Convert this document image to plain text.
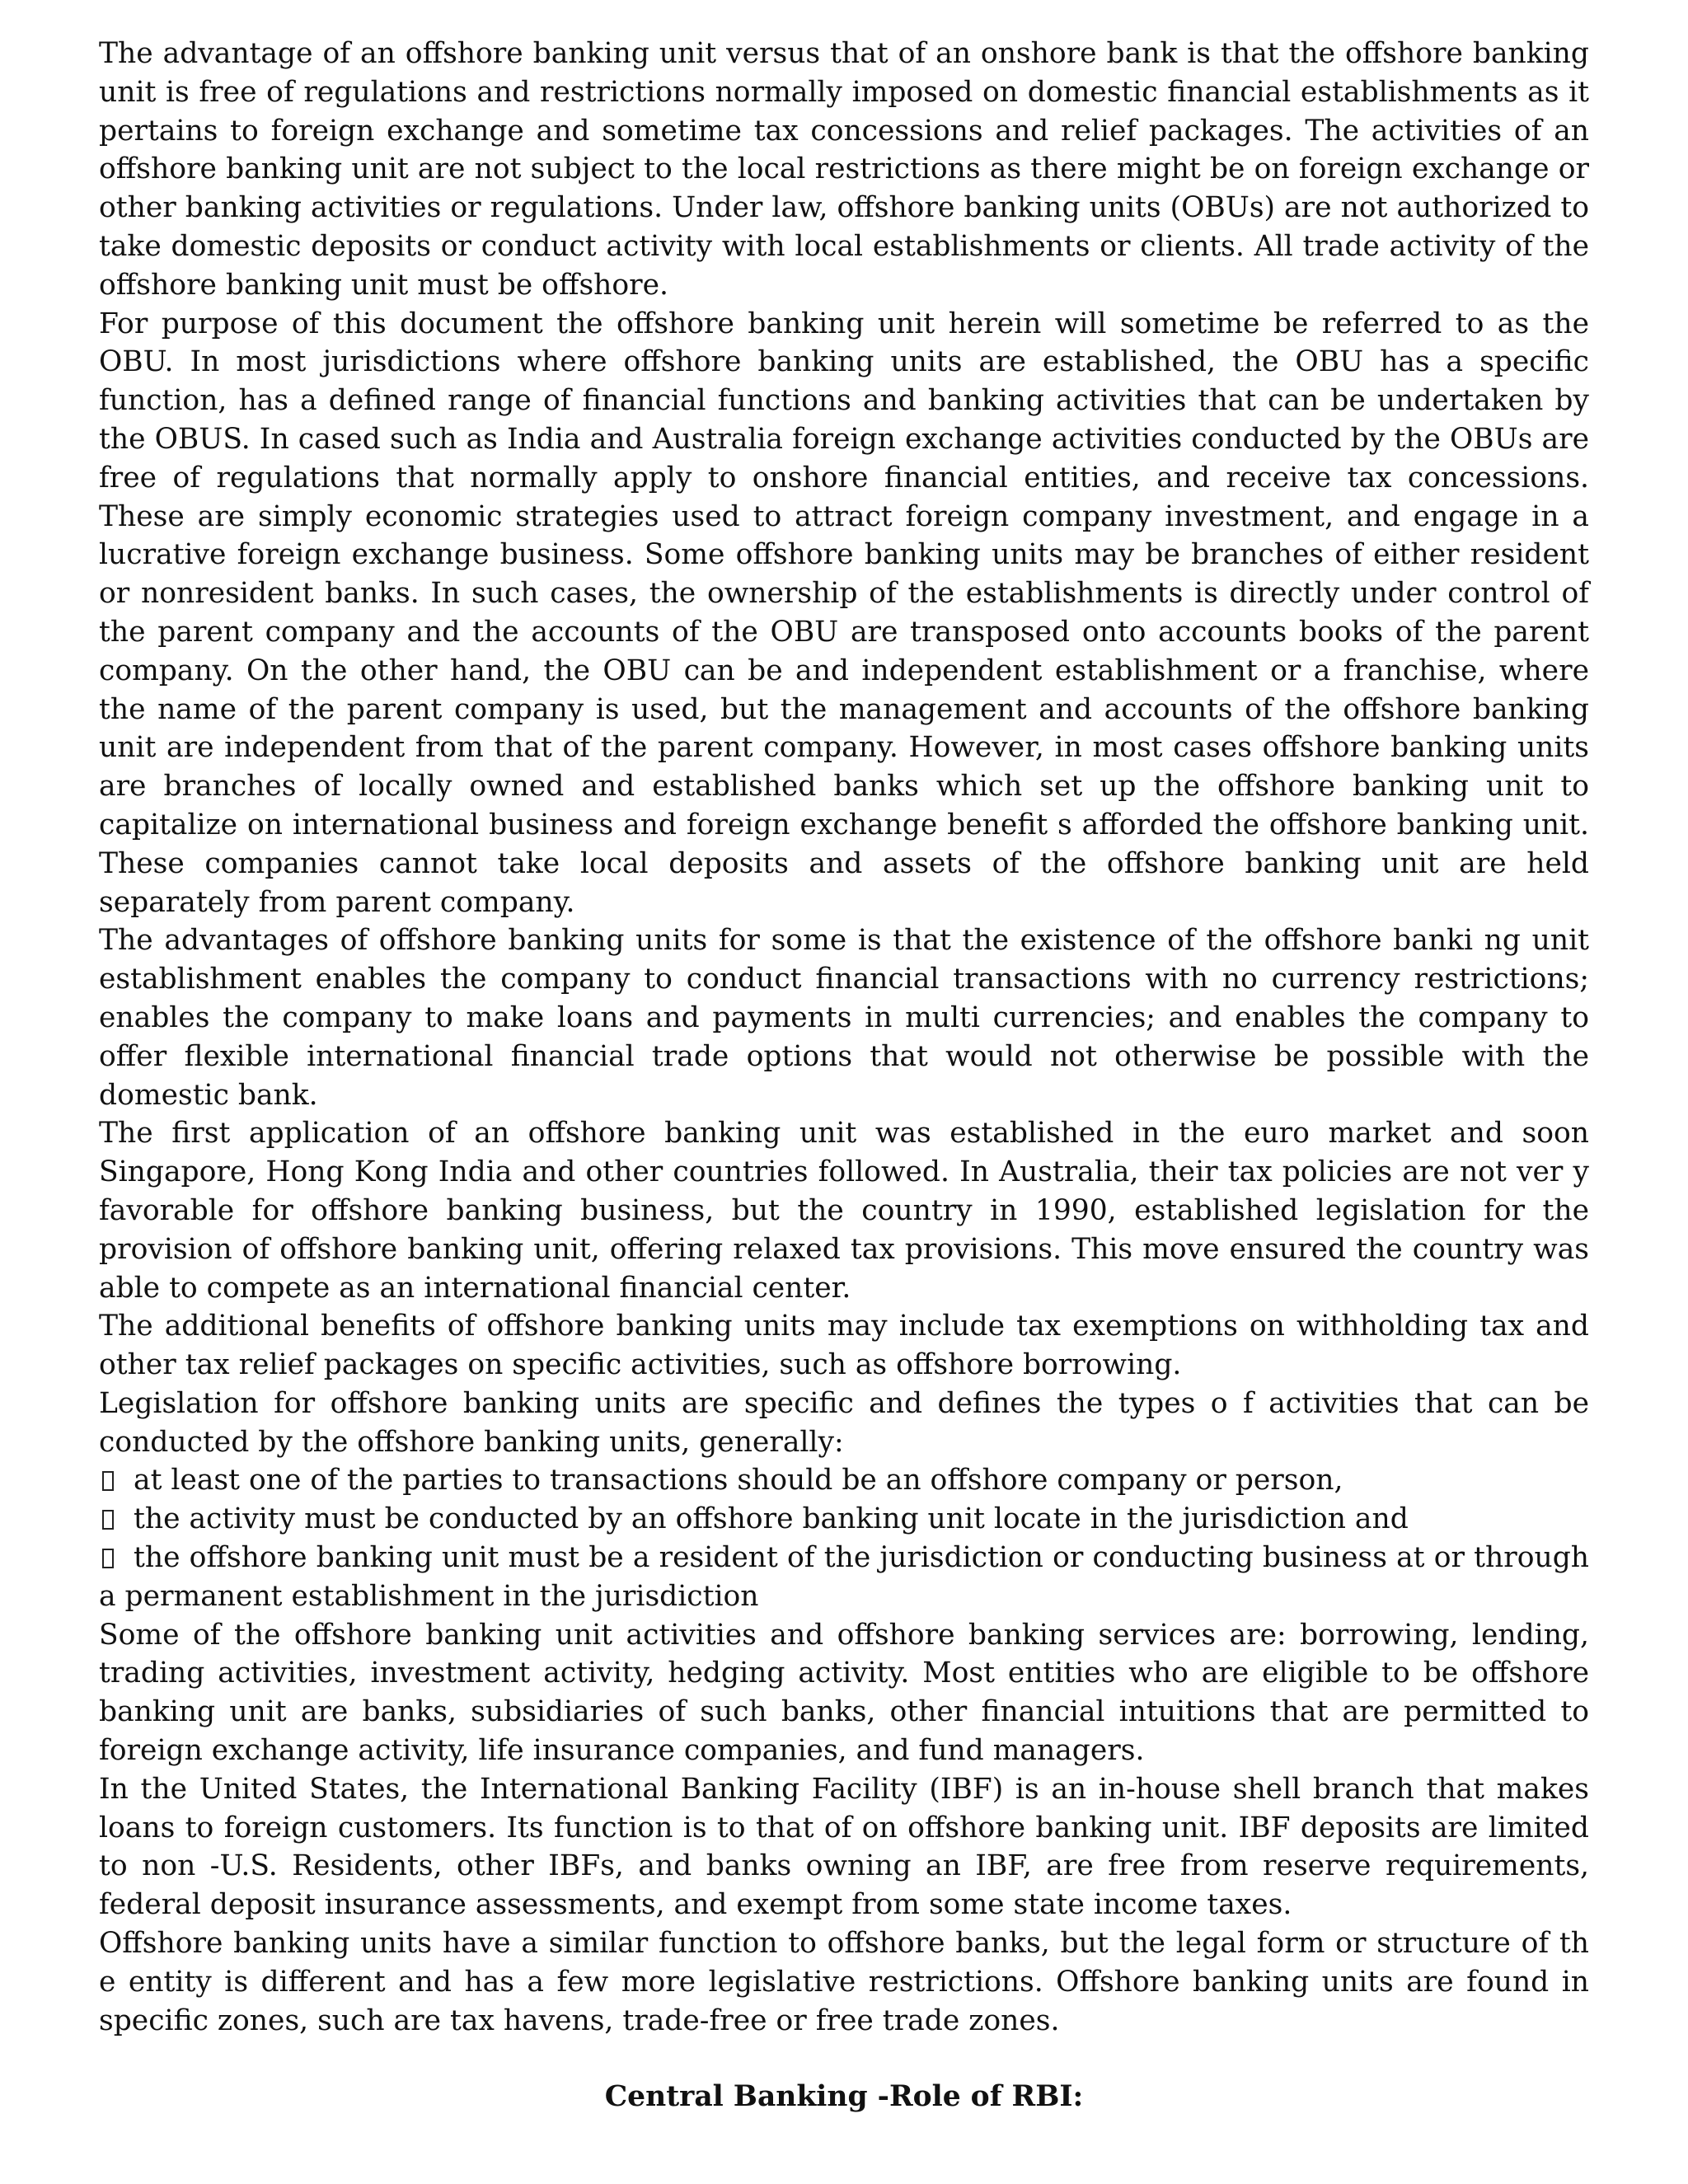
The advantage of an offshore banking unit versus that of an onshore bank is that the offshore banking unit is free of regulations and restrictions normally imposed on domestic financial establishments as it pertains to foreign exchange and sometime tax concessions and relief packages. The activities of an offshore banking unit are not subject to the local restrictions as there might be on foreign exchange or other banking activities or regulations. Under law, offshore banking units (OBUs) are not authorized to take domestic deposits or conduct activity with local establishments or clients. All trade activity of the offshore banking unit must be offshore.

For purpose of this document the offshore banking unit herein will sometime be referred to as the OBU. In most jurisdictions where offshore banking units are established, the OBU has a specific function, has a defined range of financial functions and banking activities that can be undertaken by the OBUS. In cased such as India and Australia foreign exchange activities conducted by the OBUs are free of regulations that normally apply to onshore financial entities, and receive tax concessions. These are simply economic strategies used to attract foreign company investment, and engage in a lucrative foreign exchange business. Some offshore banking units may be branches of either resident or nonresident banks. In such cases, the ownership of the establishments is directly under control of the parent company and the accounts of the OBU are transposed onto accounts books of the parent company. On the other hand, the OBU can be and independent establishment or a franchise, where the name of the parent company is used, but the management and accounts of the offshore banking unit are independent from that of the parent company. However, in most cases offshore banking units are branches of locally owned and established banks which set up the offshore banking unit to capitalize on international business and foreign exchange benefit s afforded the offshore banking unit. These companies cannot take local deposits and assets of the offshore banking unit are held separately from parent company.

The advantages of offshore banking units for some is that the existence of the offshore banki ng unit establishment enables the company to conduct financial transactions with no currency restrictions; enables the company to make loans and payments in multi currencies; and enables the company to offer flexible international financial trade options that would not otherwise be possible with the domestic bank.

The first application of an offshore banking unit was established in the euro market and soon Singapore, Hong Kong India and other countries followed. In Australia, their tax policies are not ver y favorable for offshore banking business, but the country in 1990, established legislation for the provision of offshore banking unit, offering relaxed tax provisions. This move ensured the country was able to compete as an international financial center.

The additional benefits of offshore banking units may include tax exemptions on withholding tax and other tax relief packages on specific activities, such as offshore borrowing.

Legislation for offshore banking units are specific and defines the types o f activities that can be conducted by the offshore banking units, generally:

at least one of the parties to transactions should be an offshore company or person,

the activity must be conducted by an offshore banking unit locate in the jurisdiction and

the offshore banking unit must be a resident of the jurisdiction or conducting business at or through a permanent establishment in the jurisdiction

Some of the offshore banking unit activities and offshore banking services are: borrowing, lending, trading activities, investment activity, hedging activity. Most entities who are eligible to be offshore banking unit are banks, subsidiaries of such banks, other financial intuitions that are permitted to foreign exchange activity, life insurance companies, and fund managers.

In the United States, the International Banking Facility (IBF) is an in-house shell branch that makes loans to foreign customers. Its function is to that of on offshore banking unit. IBF deposits are limited to non -U.S. Residents, other IBFs, and banks owning an IBF, are free from reserve requirements, federal deposit insurance assessments, and exempt from some state income taxes.

Offshore banking units have a similar function to offshore banks, but the legal form or structure of th e entity is different and has a few more legislative restrictions. Offshore banking units are found in specific zones, such are tax havens, trade-free or free trade zones.

Central Banking -Role of RBI:
